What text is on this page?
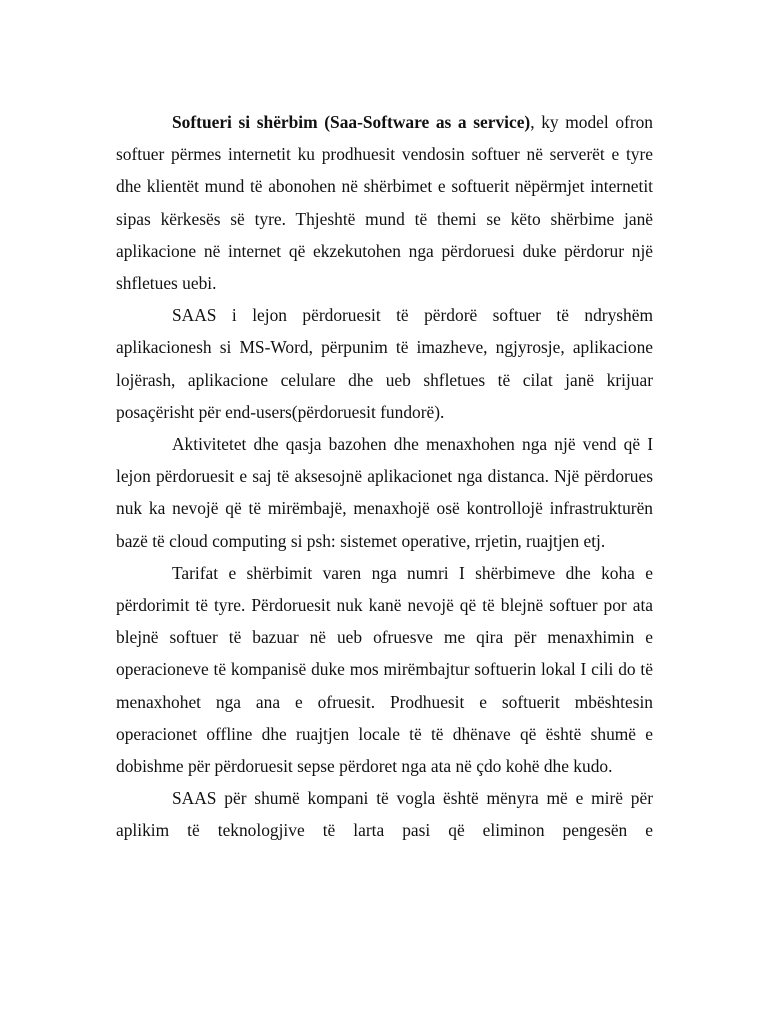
Softueri si shërbim (Saa-Software as a service), ky model ofron softuer përmes internetit ku prodhuesit vendosin softuer në serverët e tyre dhe klientët mund të abonohen në shërbimet e softuerit nëpërmjet internetit sipas kërkesës së tyre. Thjeshtë mund të themi se këto shërbime janë aplikacione në internet që ekzekutohen nga përdoruesi duke përdorur një shfletues uebi.

SAAS i lejon përdoruesit të përdorë softuer të ndryshëm aplikacionesh si MS-Word, përpunim të imazheve, ngjyrosje, aplikacione lojërash, aplikacione celulare dhe ueb shfletues të cilat janë krijuar posaçërisht për end-users(përdoruesit fundorë).

Aktivitetet dhe qasja bazohen dhe menaxhohen nga një vend që I lejon përdoruesit e saj të aksesojnë aplikacionet nga distanca. Një përdorues nuk ka nevojë që të mirëmbajë, menaxhojë osë kontrollojë infrastrukturën bazë të cloud computing si psh: sistemet operative, rrjetin, ruajtjen etj.

Tarifat e shërbimit varen nga numri I shërbimeve dhe koha e përdorimit të tyre. Përdoruesit nuk kanë nevojë që të blejnë softuer por ata blejnë softuer të bazuar në ueb ofruesve me qira për menaxhimin e operacioneve të kompanisë duke mos mirëmbajtur softuerin lokal I cili do të menaxhohet nga ana e ofruesit. Prodhuesit e softuerit mbështesin operacionet offline dhe ruajtjen locale të të dhënave që është shumë e dobishme për përdoruesit sepse përdoret nga ata në çdo kohë dhe kudo.

SAAS për shumë kompani të vogla është mënyra më e mirë për aplikim të teknologjive të larta pasi që eliminon pengesën e
